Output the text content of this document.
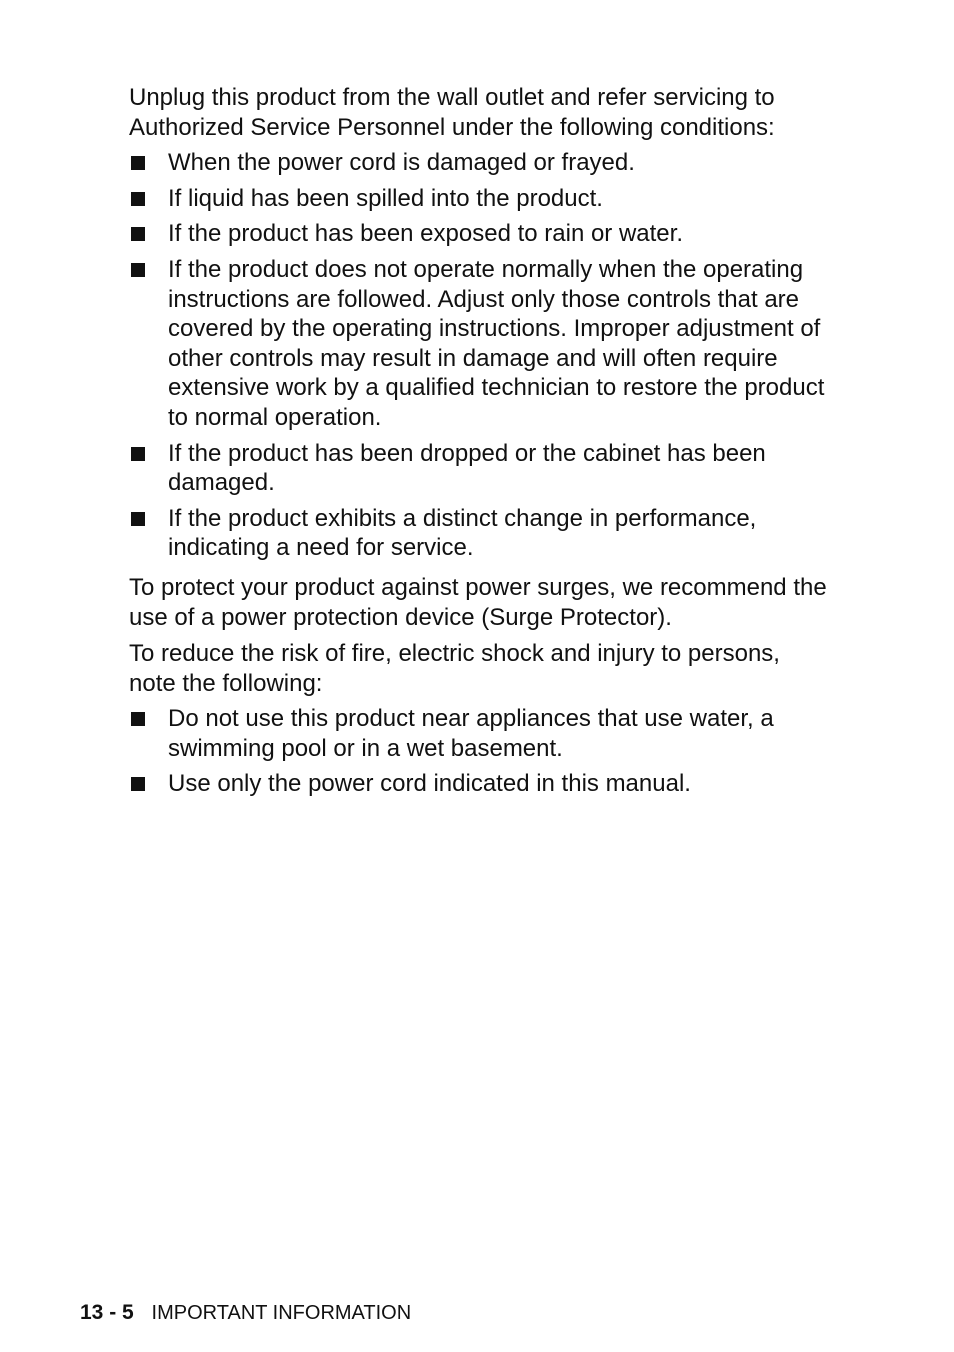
Unplug this product from the wall outlet and refer servicing to Authorized Service Personnel under the following conditions:

When the power cord is damaged or frayed.
If liquid has been spilled into the product.
If the product has been exposed to rain or water.
If the product does not operate normally when the operating instructions are followed. Adjust only those controls that are covered by the operating instructions. Improper adjustment of other controls may result in damage and will often require extensive work by a qualified technician to restore the product to normal operation.
If the product has been dropped or the cabinet has been damaged.
If the product exhibits a distinct change in performance, indicating a need for service.

To protect your product against power surges, we recommend the use of a power protection device (Surge Protector).

To reduce the risk of fire, electric shock and injury to persons, note the following:

Do not use this product near appliances that use water, a swimming pool or in a wet basement.
Use only the power cord indicated in this manual.
13 - 5 IMPORTANT INFORMATION
